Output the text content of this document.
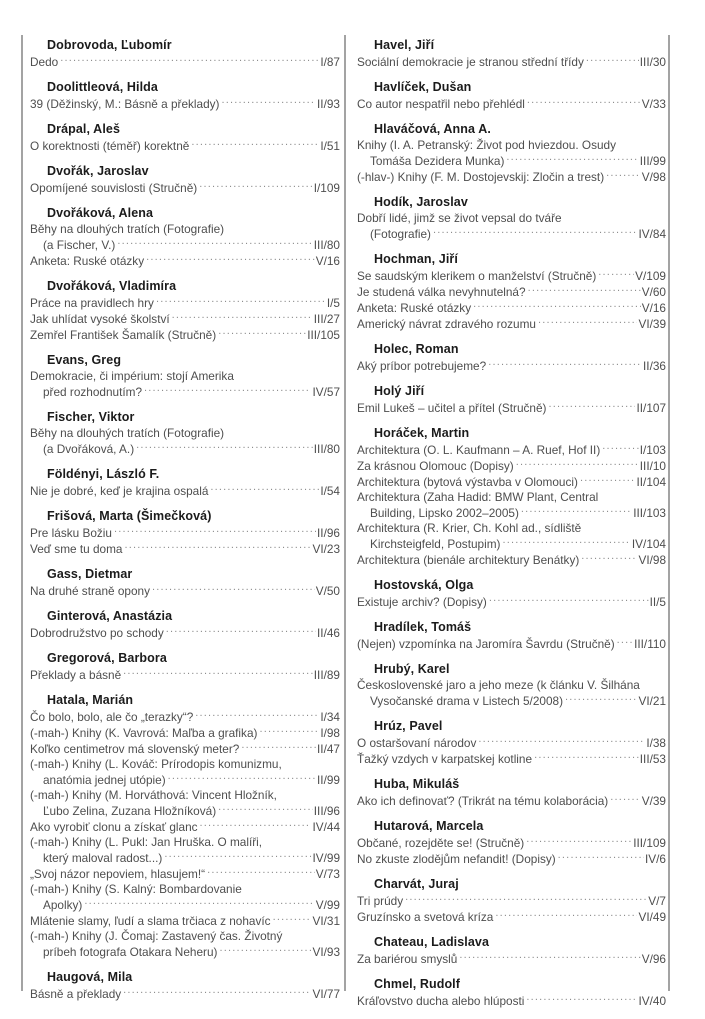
Dobrovoda, Ľubomír
Dedo .....	I/87
Doolittleová, Hilda
39 (Děžinský, M.: Básně a překlady) .....	II/93
Drápal, Aleš
O korektnosti (téměř) korektně .....	I/51
Dvořák, Jaroslav
Opomíjené souvislosti (Stručně) .....	I/109
Dvořáková, Alena
Běhy na dlouhých tratích (Fotografie)
(a Fischer, V.) .....	III/80
Anketa: Ruské otázky .....	V/16
Dvořáková, Vladimíra
Práce na pravidlech hry .....	I/5
Jak uhlídat vysoké školství .....	III/27
Zemřel František Šamalík (Stručně) .....	III/105
Evans, Greg
Demokracie, či impérium: stojí Amerika
před rozhodnutím? .....	IV/57
Fischer, Viktor
Běhy na dlouhých tratích (Fotografie)
(a Dvořáková, A.) .....	III/80
Földényi, László F.
Nie je dobré, keď je krajina ospalá .....	I/54
Frišová, Marta (Šimečková)
Pre lásku Božiu .....	II/96
Veď sme tu doma .....	VI/23
Gass, Dietmar
Na druhé straně opony .....	V/50
Ginterová, Anastázia
Dobrodružstvo po schody .....	II/46
Gregorová, Barbora
Překlady a básně .....	III/89
Hatala, Marián
Čo bolo, bolo, ale čo „terazky“? .....	I/34
(-mah-) Knihy (K. Vavrová: Maľba a grafika) .....	I/98
Koľko centimetrov má slovenský meter? .....	II/47
(-mah-) Knihy (L. Kováč: Prírodopis komunizmu,
anatómia jednej utópie) .....	II/99
(-mah-) Knihy (M. Horváthová: Vincent Hložník,
Ľubo Zelina, Zuzana Hložníková) .....	III/96
Ako vyrobiť clonu a získať glanc .....	IV/44
(-mah-) Knihy (L. Pukl: Jan Hruška. O malíři,
který maloval radost...) .....	IV/99
„Svoj názor nepoviem, hlasujem!“ .....	V/73
(-mah-) Knihy (S. Kalný: Bombardovanie
Apolky) .....	V/99
Mlátenie slamy, ľudí a slama trčiaca z nohavíc .....	VI/31
(-mah-) Knihy (J. Čomaj: Zastavený čas. Životný
príbeh fotografa Otakara Neheru) .....	VI/93
Haugová, Mila
Básně a překlady .....	VI/77
Havel, Jiří
Sociální demokracie je stranou střední třídy .....	III/30
Havlíček, Dušan
Co autor nespatřil nebo přehlédl .....	V/33
Hlaváčová, Anna A.
Knihy (I. A. Petranský: Život pod hviezdou. Osudy
Tomáša Dezidera Munka) .....	III/99
(-hlav-) Knihy (F. M. Dostojevskij: Zločin a trest) .....	V/98
Hodík, Jaroslav
Dobří lidé, jimž se život vepsal do tváře
(Fotografie) .....	IV/84
Hochman, Jiří
Se saudským klerikem o manželství (Stručně) .....	V/109
Je studená válka nevyhnutelná? .....	V/60
Anketa: Ruské otázky .....	V/16
Americký návrat zdravého rozumu .....	VI/39
Holec, Roman
Aký príbor potrebujeme? .....	II/36
Holý Jiří
Emil Lukeš – učitel a přítel (Stručně) .....	II/107
Horáček, Martin
Architektura (O. L. Kaufmann – A. Ruef, Hof II) .....	I/103
Za krásnou Olomouc (Dopisy) .....	III/10
Architektura (bytová výstavba v Olomouci) .....	II/104
Architektura (Zaha Hadid: BMW Plant, Central
Building, Lipsko 2002–2005) .....	III/103
Architektura (R. Krier, Ch. Kohl ad., sídliště
Kirchsteigfeld, Postupim) .....	IV/104
Architektura (bienále architektury Benátky) .....	VI/98
Hostovská, Olga
Existuje archiv? (Dopisy) .....	II/5
Hradílek, Tomáš
(Nejen) vzpomínka na Jaromíra Šavrdu (Stručně) ..... III/110
Hrubý, Karel
Československé jaro a jeho meze (k článku V. Šilhána
Vysočanské drama v Listech 5/2008) .....	VI/21
Hrúz, Pavel
O ostaršovaní národov .....	I/38
Ťažký vzdych v karpatskej kotline .....	III/53
Huba, Mikuláš
Ako ich definovať? (Trikrát na tému kolaborácia) .....	V/39
Hutarová, Marcela
Občané, rozejděte se! (Stručně) .....	III/109
No zkuste zlodějům nefandit! (Dopisy) .....	IV/6
Charvát, Juraj
Tri prúdy .....	V/7
Gruzínsko a svetová kríza .....	VI/49
Chateau, Ladislava
Za bariérou smyslů .....	V/96
Chmel, Rudolf
Kráľovstvo ducha alebo hlúposti .....	IV/40
